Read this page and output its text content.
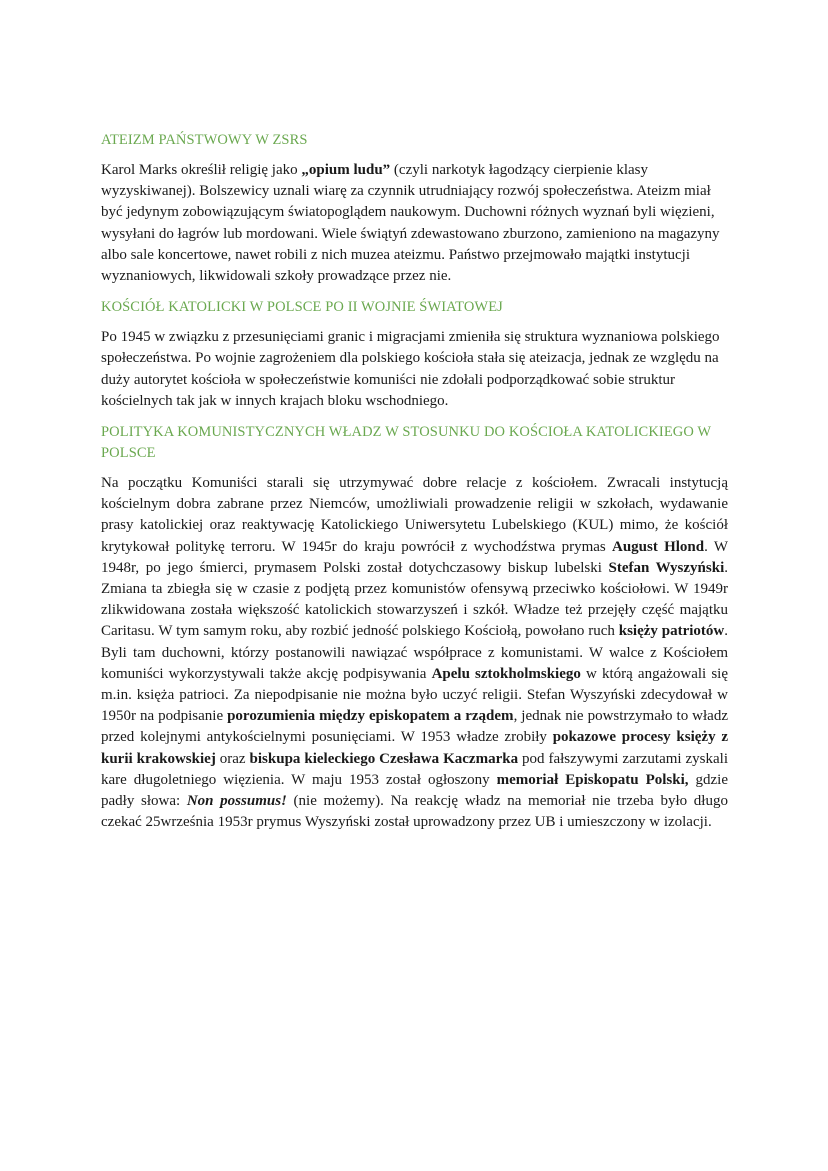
ATEIZM PAŃSTWOWY W ZSRS

Karol Marks określił religię jako „opium ludu” (czyli narkotyk łagodzący cierpienie klasy wyzyskiwanej). Bolszewicy uznali wiarę za czynnik utrudniający rozwój społeczeństwa. Ateizm miał być jedynym zobowiązującym światopoglądem naukowym. Duchowni różnych wyznań byli więzieni, wysyłani do łagrów lub mordowani. Wiele świątyń zdewastowano zburzono, zamieniono na magazyny albo sale koncertowe, nawet robili z nich muzea ateizmu. Państwo przejmowało majątki instytucji wyznaniowych, likwidowali szkoły prowadzące przez nie.

KOŚCIÓŁ KATOLICKI W POLSCE PO II WOJNIE ŚWIATOWEJ

Po 1945 w związku z przesunięciami granic i migracjami zmieniła się struktura wyznaniowa polskiego społeczeństwa. Po wojnie zagrożeniem dla polskiego kościoła stała się ateizacja, jednak ze względu na duży autorytet kościoła w społeczeństwie komuniści nie zdołali podporządkować sobie struktur kościelnych tak jak w innych krajach bloku wschodniego.

POLITYKA KOMUNISTYCZNYCH WŁADZ W STOSUNKU DO KOŚCIOŁA KATOLICKIEGO W POLSCE

Na początku Komuniści starali się utrzymywać dobre relacje z kościołem. Zwracali instytucją kościelnym dobra zabrane przez Niemców, umożliwiali prowadzenie religii w szkołach, wydawanie prasy katolickiej oraz reaktywację Katolickiego Uniwersytetu Lubelskiego (KUL) mimo, że kościół krytykował politykę terroru. W 1945r do kraju powrócił z wychodźstwa prymas August Hlond. W 1948r, po jego śmierci, prymasem Polski został dotychczasowy biskup lubelski Stefan Wyszyński. Zmiana ta zbiegła się w czasie z podjętą przez komunistów ofensywą przeciwko kościołowi. W 1949r zlikwidowana została większość katolickich stowarzyszeń i szkół. Władze też przejęły część majątku Caritasu. W tym samym roku, aby rozbić jedność polskiego Kościołą, powołano ruch księży patriotów. Byli tam duchowni, którzy postanowili nawiązać współprace z komunistami. W walce z Kościołem komuniści wykorzystywali także akcję podpisywania Apelu sztokholmskiego w którą angażowali się m.in. księża patrioci. Za niepodpisanie nie można było uczyć religii. Stefan Wyszyński zdecydował w 1950r na podpisanie porozumienia między episkopatem a rządem, jednak nie powstrzymało to władz przed kolejnymi antykościelnymi posunięciami. W 1953 władze zrobiły pokazowe procesy księży z kurii krakowskiej oraz biskupa kieleckiego Czesława Kaczmarka pod fałszywymi zarzutami zyskali kare długoletniego więzienia. W maju 1953 został ogłoszony memoriał Episkopatu Polski, gdzie padły słowa: Non possumus! (nie możemy). Na reakcję władz na memoriał nie trzeba było długo czekać 25września 1953r prymus Wyszyński został uprowadzony przez UB i umieszczony w izolacji.
